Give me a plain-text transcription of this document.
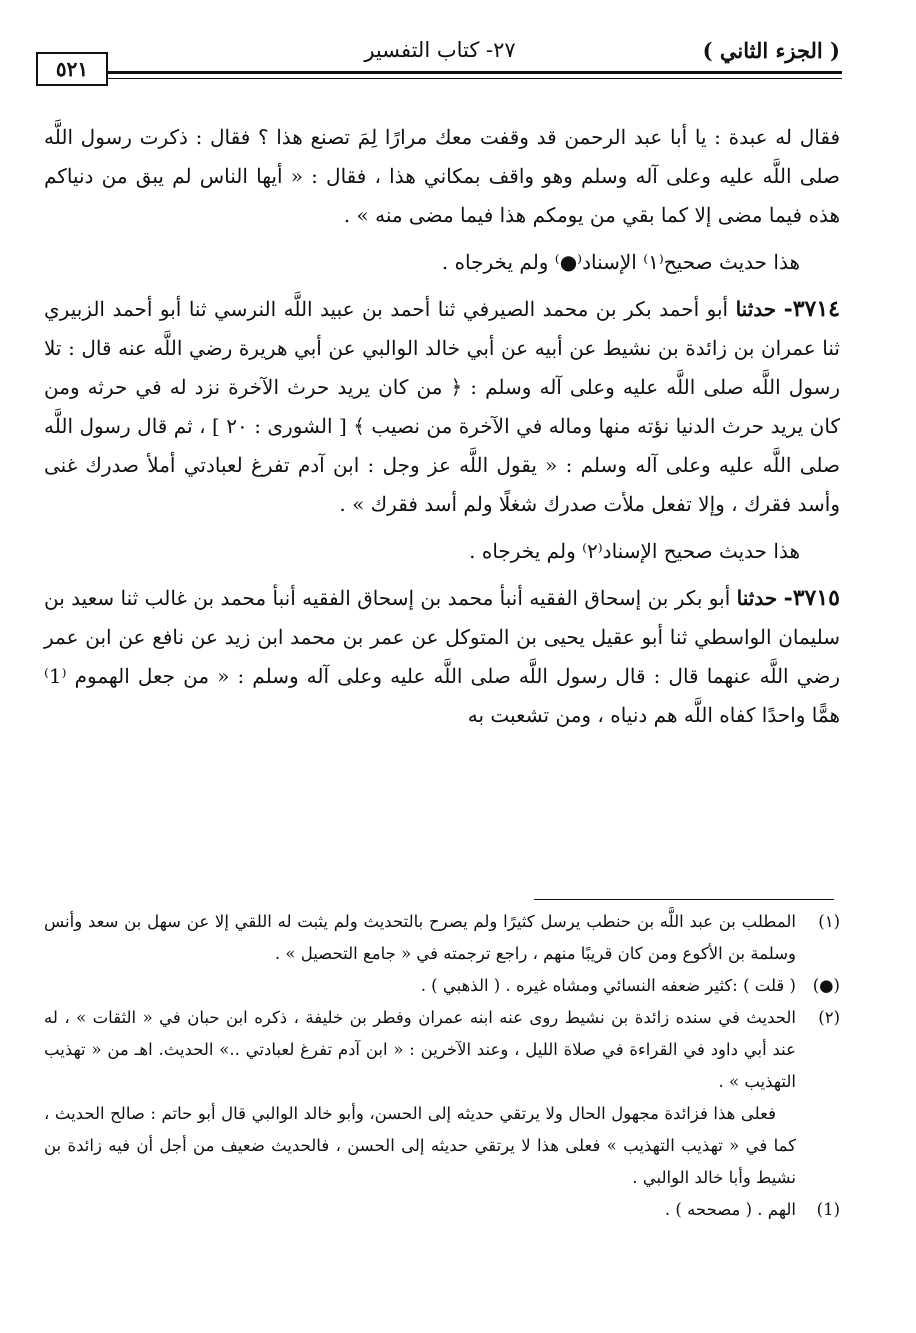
( الجزء الثاني )
٢٧- كتاب التفسير
٥٢١

فقال له عبدة : يا أبا عبد الرحمن قد وقفت معك مرارًا لِمَ تصنع هذا ؟ فقال : ذكرت رسول اللَّه صلى اللَّه عليه وعلى آله وسلم وهو واقف بمكاني هذا ، فقال : « أيها الناس لم يبق من دنياكم هذه فيما مضى إلا كما بقي من يومكم هذا فيما مضى منه » .

هذا حديث صحيح⁽١⁾ الإسناد⁽●⁾ ولم يخرجاه .

٣٧١٤- حدثنا أبو أحمد بكر بن محمد الصيرفي ثنا أحمد بن عبيد اللَّه النرسي ثنا أبو أحمد الزبيري ثنا عمران بن زائدة بن نشيط عن أبيه عن أبي خالد الوالبي عن أبي هريرة رضي اللَّه عنه قال : تلا رسول اللَّه صلى اللَّه عليه وعلى آله وسلم : ﴿ من كان يريد حرث الآخرة نزد له في حرثه ومن كان يريد حرث الدنيا نؤته منها وماله في الآخرة من نصيب ﴾ [ الشورى : ٢٠ ] ، ثم قال رسول اللَّه صلى اللَّه عليه وعلى آله وسلم : « يقول اللَّه عز وجل : ابن آدم تفرغ لعبادتي أملأ صدرك غنى وأسد فقرك ، وإلا تفعل ملأت صدرك شغلًا ولم أسد فقرك » .

هذا حديث صحيح الإسناد⁽٢⁾ ولم يخرجاه .

٣٧١٥- حدثنا أبو بكر بن إسحاق الفقيه أنبأ محمد بن إسحاق الفقيه أنبأ محمد بن غالب ثنا سعيد بن سليمان الواسطي ثنا أبو عقيل يحيى بن المتوكل عن عمر بن محمد ابن زيد عن نافع عن ابن عمر رضي اللَّه عنهما قال : قال رسول اللَّه صلى اللَّه عليه وعلى آله وسلم : « من جعل الهموم ⁽1⁾ همًّا واحدًا كفاه اللَّه هم دنياه ، ومن تشعبت به

(١)
المطلب بن عبد اللَّه بن حنطب يرسل كثيرًا ولم يصرح بالتحديث ولم يثبت له اللقي إلا عن سهل بن سعد وأنس وسلمة بن الأكوع ومن كان قريبًا منهم ، راجع ترجمته في « جامع التحصيل » .
(●)
( قلت ) :كثير ضعفه النسائي ومشاه غيره . ( الذهبي ) .
(٢)
الحديث في سنده زائدة بن نشيط روى عنه ابنه عمران وفطر بن خليفة ، ذكره ابن حبان في « الثقات » ، له عند أبي داود في القراءة في صلاة الليل ، وعند الآخرين : « ابن آدم تفرغ لعبادتي ..» الحديث. اهـ من « تهذيب التهذيب » .
فعلى هذا فزائدة مجهول الحال ولا يرتقي حديثه إلى الحسن، وأبو خالد الوالبي قال أبو حاتم : صالح الحديث ، كما في « تهذيب التهذيب » فعلى هذا لا يرتقي حديثه إلى الحسن ، فالحديث ضعيف من أجل أن فيه زائدة بن نشيط وأبا خالد الوالبي .
(1)
الهم . ( مصححه ) .
